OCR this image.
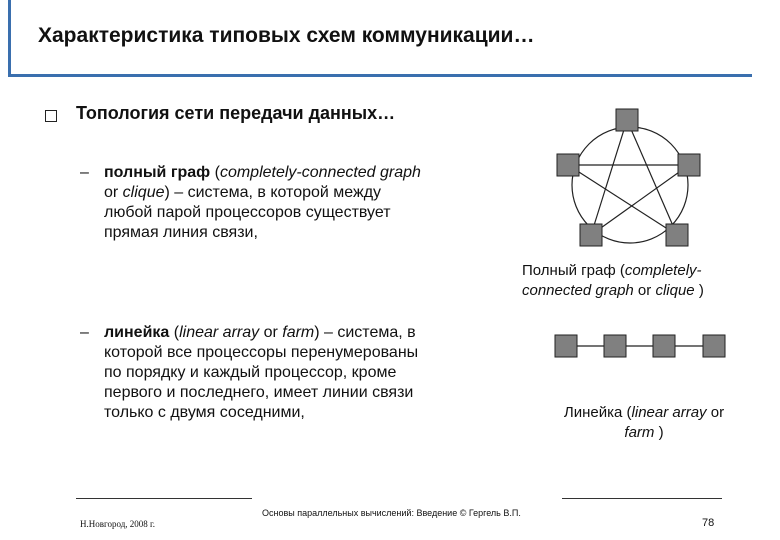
Характеристика типовых схем коммуникации…
Топология сети передачи данных…
– полный граф (completely-connected graph

or clique) – система, в которой между

любой парой процессоров существует

прямая линия связи,

– линейка (linear array or farm) – система, в

которой все процессоры перенумерованы

по порядку и каждый процессор, кроме

первого и последнего, имеет линии связи

только с двумя соседними,

Полный граф (completely-
connected graph or clique )
Линейка (linear array or
farm )
Н.Новгород, 2008 г.
Основы параллельных вычислений: Введение © Гергель В.П.
78
